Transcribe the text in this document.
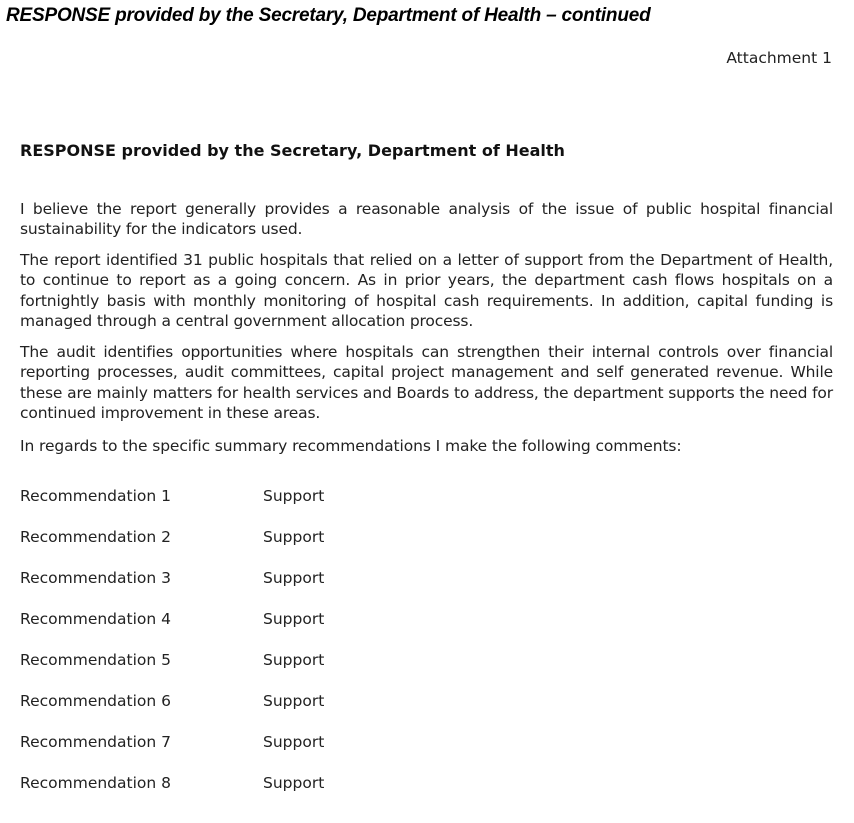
RESPONSE provided by the Secretary, Department of Health – continued
Attachment 1
RESPONSE provided by the Secretary, Department of Health

I believe the report generally provides a reasonable analysis of the issue of public hospital financial sustainability for the indicators used.

The report identified 31 public hospitals that relied on a letter of support from the Department of Health, to continue to report as a going concern. As in prior years, the department cash flows hospitals on a fortnightly basis with monthly monitoring of hospital cash requirements. In addition, capital funding is managed through a central government allocation process.

The audit identifies opportunities where hospitals can strengthen their internal controls over financial reporting processes, audit committees, capital project management and self generated revenue. While these are mainly matters for health services and Boards to address, the department supports the need for continued improvement in these areas.

In regards to the specific summary recommendations I make the following comments:

Recommendation 1	Support
Recommendation 2	Support
Recommendation 3	Support
Recommendation 4	Support
Recommendation 5	Support
Recommendation 6	Support
Recommendation 7	Support
Recommendation 8	Support
